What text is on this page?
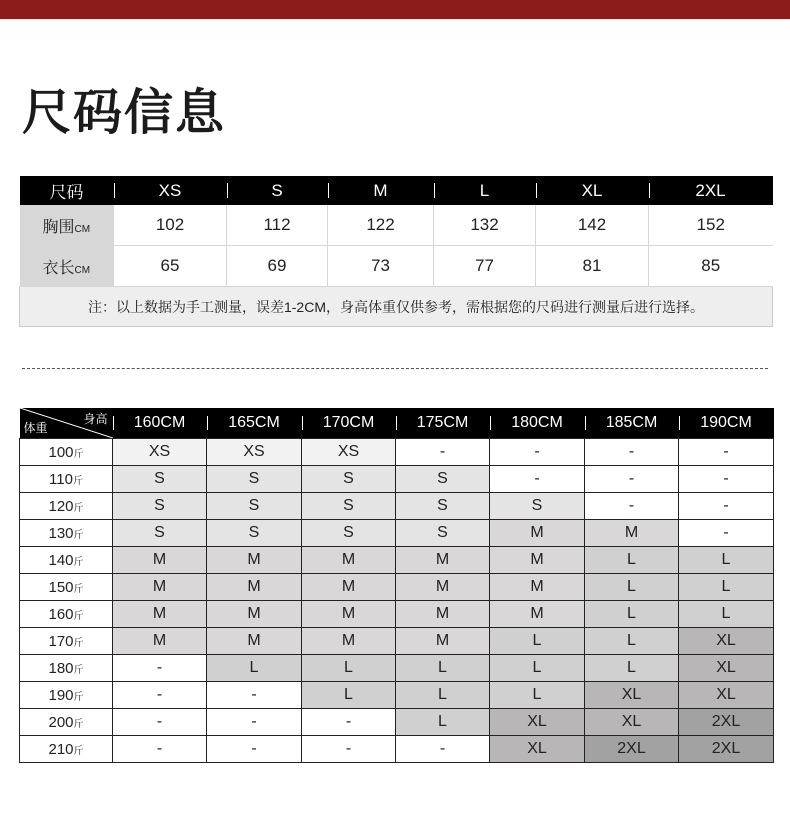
尺码信息
尺码	XS	S	M	L	XL	2XL
胸围CM	102	112	122	132	142	152
衣长CM	65	69	73	77	81	85
注：以上数据为手工测量，误差1-2CM，身高体重仅供参考，需根据您的尺码进行测量后进行选择。						
身高
体重	160CM	165CM	170CM	175CM	180CM	185CM	190CM
100斤	XS	XS	XS	-	-	-	-
110斤	S	S	S	S	-	-	-
120斤	S	S	S	S	S	-	-
130斤	S	S	S	S	M	M	-
140斤	M	M	M	M	M	L	L
150斤	M	M	M	M	M	L	L
160斤	M	M	M	M	M	L	L
170斤	M	M	M	M	L	L	XL
180斤	-	L	L	L	L	L	XL
190斤	-	-	L	L	L	XL	XL
200斤	-	-	-	L	XL	XL	2XL
210斤	-	-	-	-	XL	2XL	2XL
